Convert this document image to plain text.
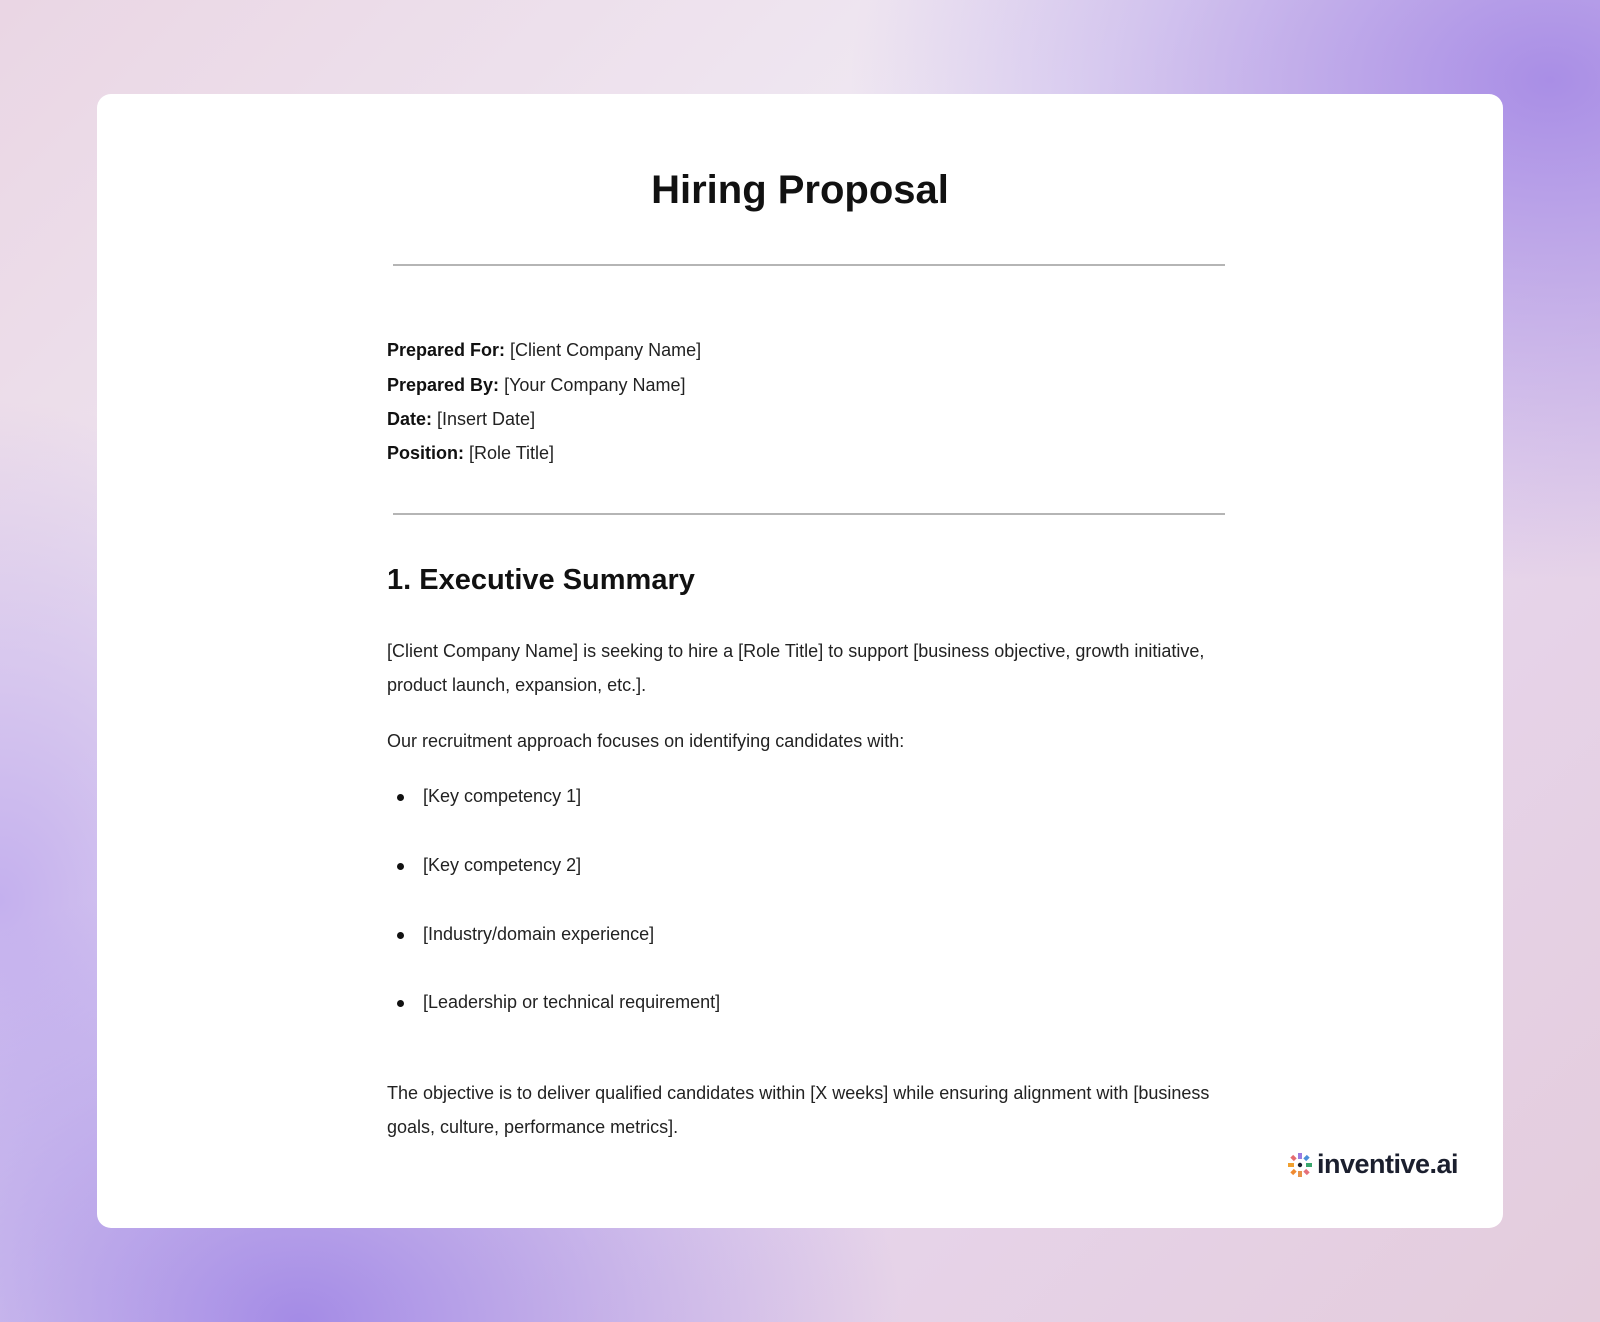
Hiring Proposal
Prepared For: [Client Company Name]
Prepared By: [Your Company Name]
Date: [Insert Date]
Position: [Role Title]
1. Executive Summary
[Client Company Name] is seeking to hire a [Role Title] to support [business objective, growth initiative, product launch, expansion, etc.].
Our recruitment approach focuses on identifying candidates with:
[Key competency 1]
[Key competency 2]
[Industry/domain experience]
[Leadership or technical requirement]
The objective is to deliver qualified candidates within [X weeks] while ensuring alignment with [business goals, culture, performance metrics].
inventive.ai
